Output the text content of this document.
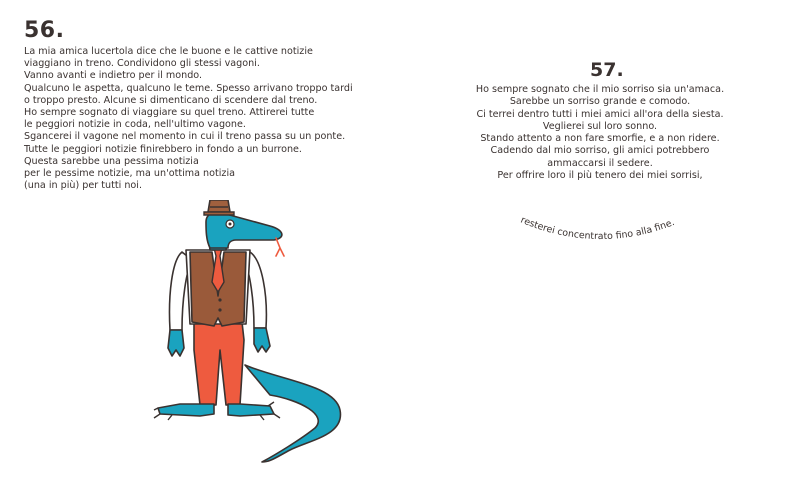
56.
La mia amica lucertola dice che le buone e le cattive notizie
viaggiano in treno. Condividono gli stessi vagoni.
Vanno avanti e indietro per il mondo.
Qualcuno le aspetta, qualcuno le teme. Spesso arrivano troppo tardi
o troppo presto. Alcune si dimenticano di scendere dal treno.
Ho sempre sognato di viaggiare su quel treno. Attirerei tutte
le peggiori notizie in coda, nell'ultimo vagone.
Sgancerei il vagone nel momento in cui il treno passa su un ponte.
Tutte le peggiori notizie finirebbero in fondo a un burrone.
Questa sarebbe una pessima notizia
per le pessime notizie, ma un'ottima notizia
(una in più) per tutti noi.
57.
Ho sempre sognato che il mio sorriso sia un'amaca.
Sarebbe un sorriso grande e comodo.
Ci terrei dentro tutti i miei amici all'ora della siesta.
Veglierei sul loro sonno.
Stando attento a non fare smorfie, e a non ridere.
Cadendo dal mio sorriso, gli amici potrebbero
ammaccarsi il sedere.
Per offrire loro il più tenero dei miei sorrisi,
resterei concentrato fino alla fine.
